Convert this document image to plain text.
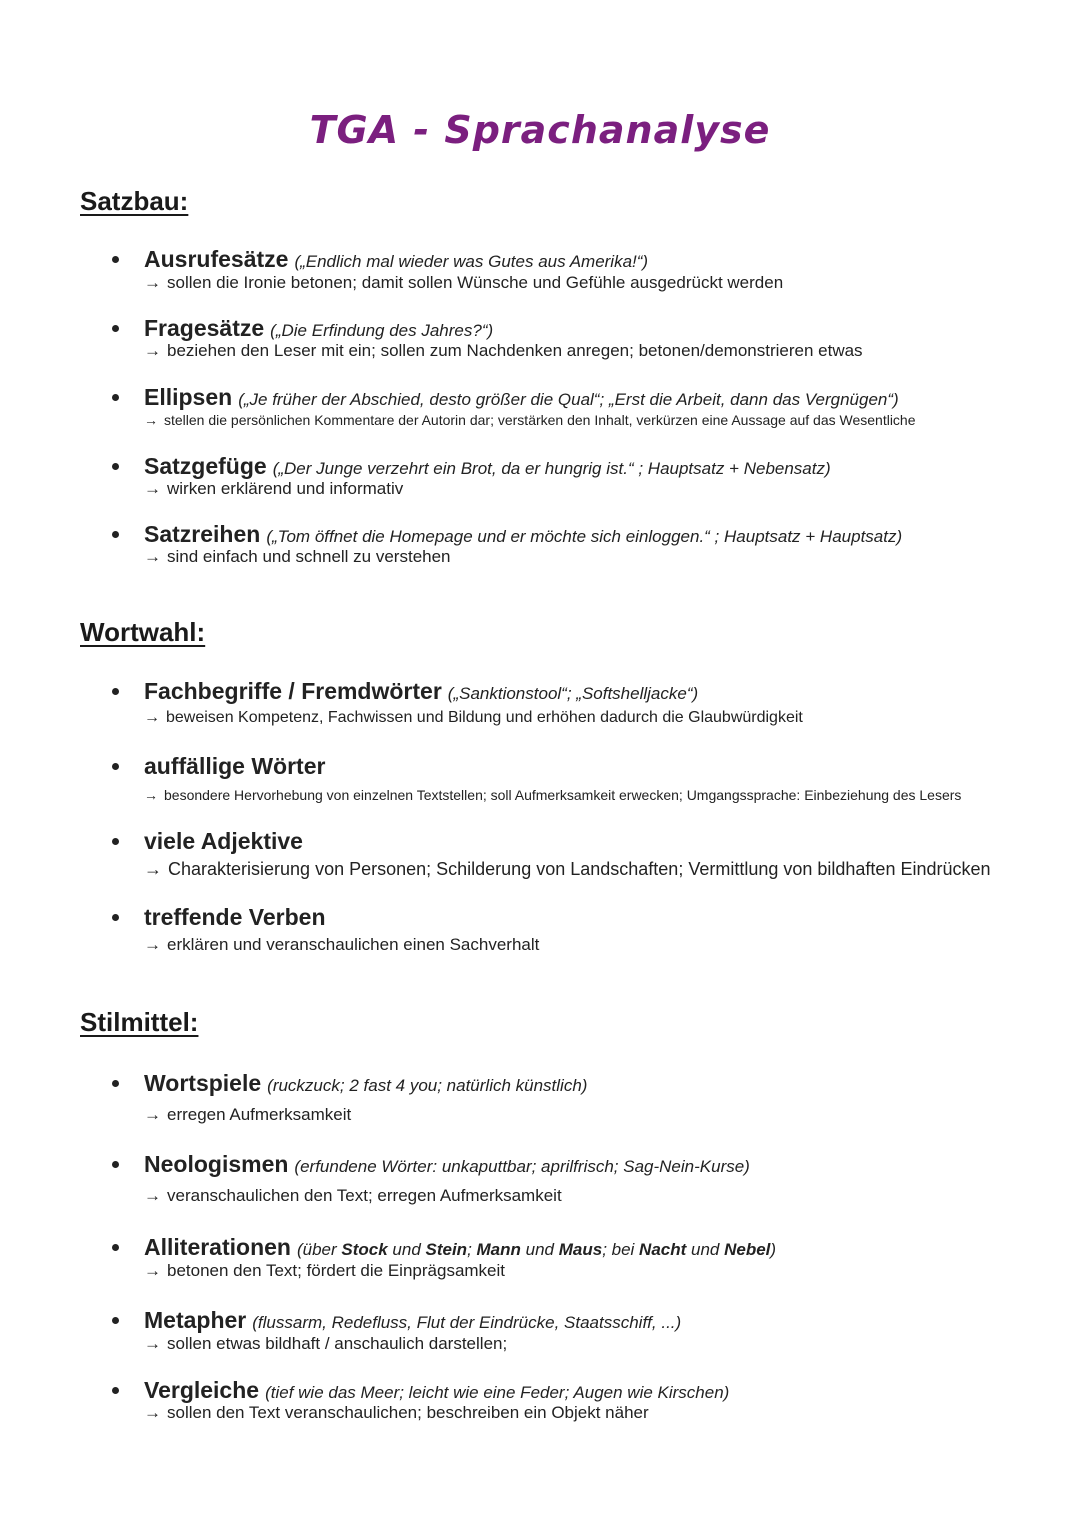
TGA - Sprachanalyse
Satzbau:
Ausrufesätze („Endlich mal wieder was Gutes aus Amerika!“)
→ sollen die Ironie betonen; damit sollen Wünsche und Gefühle ausgedrückt werden
Fragesätze („Die Erfindung des Jahres?“)
→ beziehen den Leser mit ein; sollen zum Nachdenken anregen; betonen/demonstrieren etwas
Ellipsen („Je früher der Abschied, desto größer die Qual“; „Erst die Arbeit, dann das Vergnügen“)
→ stellen die persönlichen Kommentare der Autorin dar; verstärken den Inhalt, verkürzen eine Aussage auf das Wesentliche
Satzgefüge („Der Junge verzehrt ein Brot, da er hungrig ist.“ ; Hauptsatz + Nebensatz)
→ wirken erklärend und informativ
Satzreihen („Tom öffnet die Homepage und er möchte sich einloggen.“ ; Hauptsatz + Hauptsatz)
→ sind einfach und schnell zu verstehen
Wortwahl:
Fachbegriffe / Fremdwörter („Sanktionstool“; „Softshelljacke“)
→ beweisen Kompetenz, Fachwissen und Bildung und erhöhen dadurch die Glaubwürdigkeit
auffällige Wörter
→ besondere Hervorhebung von einzelnen Textstellen; soll Aufmerksamkeit erwecken; Umgangssprache: Einbeziehung des Lesers
viele Adjektive
→ Charakterisierung von Personen; Schilderung von Landschaften; Vermittlung von bildhaften Eindrücken
treffende Verben
→ erklären und veranschaulichen einen Sachverhalt
Stilmittel:
Wortspiele (ruckzuck; 2 fast 4 you; natürlich künstlich)
→ erregen Aufmerksamkeit
Neologismen (erfundene Wörter: unkaputtbar; aprilfrisch; Sag-Nein-Kurse)
→ veranschaulichen den Text; erregen Aufmerksamkeit
Alliterationen (über Stock und Stein; Mann und Maus; bei Nacht und Nebel)
→ betonen den Text; fördert die Einprägsamkeit
Metapher (flussarm, Redefluss, Flut der Eindrücke, Staatsschiff, ...)
→ sollen etwas bildhaft / anschaulich darstellen;
Vergleiche (tief wie das Meer; leicht wie eine Feder; Augen wie Kirschen)
→ sollen den Text veranschaulichen; beschreiben ein Objekt näher
